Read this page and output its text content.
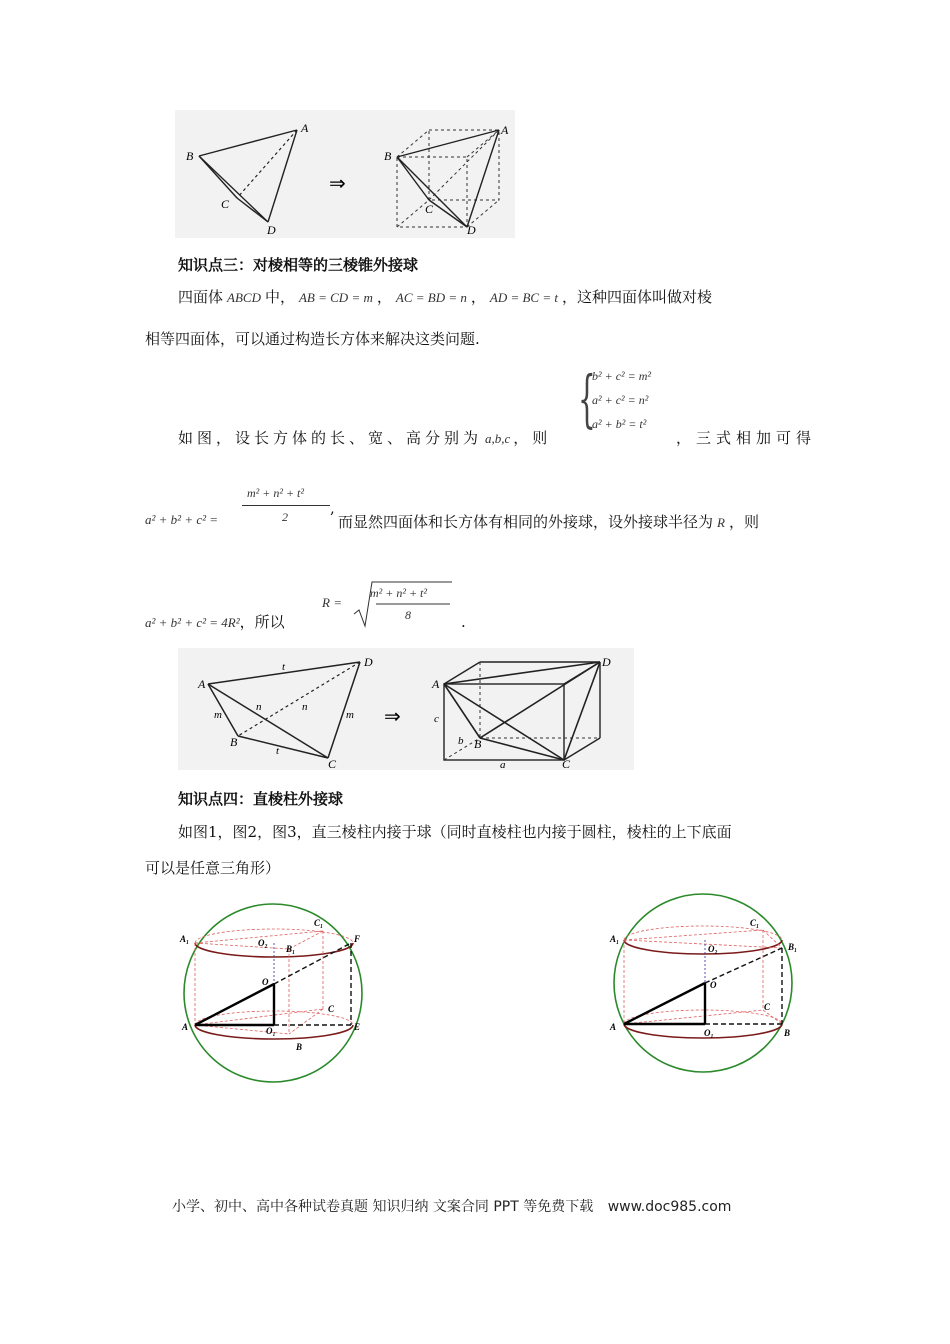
A
B
C
D
⇒
A
B
C
D
知识点三：对棱相等的三棱锥外接球
四面体 ABCD 中， AB = CD = m ， AC = BD = n ， AD = BC = t ，这种四面体叫做对棱
相等四面体，可以通过构造长方体来解决这类问题.
{
b² + c² = m²
a² + c² = n²
a² + b² = t²
如图，设长方体的长、宽、高分别为 a,b,c ，则	，三式相加可得
a² + b² + c² =
m² + n² + t²
2	,
而显然四面体和长方体有相同的外接球，设外接球半径为 R ，则
a² + b² + c² = 4R²，所以
R =
m² + n² + t²
8	.
A
D
B
C
t
t
m	m
n	n	⇒
A
D
B
C
a
b
c
知识点四：直棱柱外接球
如图1，图2，图3，直三棱柱内接于球（同时直棱柱也内接于圆柱，棱柱的上下底面
可以是任意三角形）
A₁
C₁
O₂
B₁
F
O
C
A	O₁	E
B
A₁
C₁
O₂	B₁
O
C
A
O₁	B
小学、初中、高中各种试卷真题 知识归纳 文案合同 PPT 等免费下载 www.doc985.com
